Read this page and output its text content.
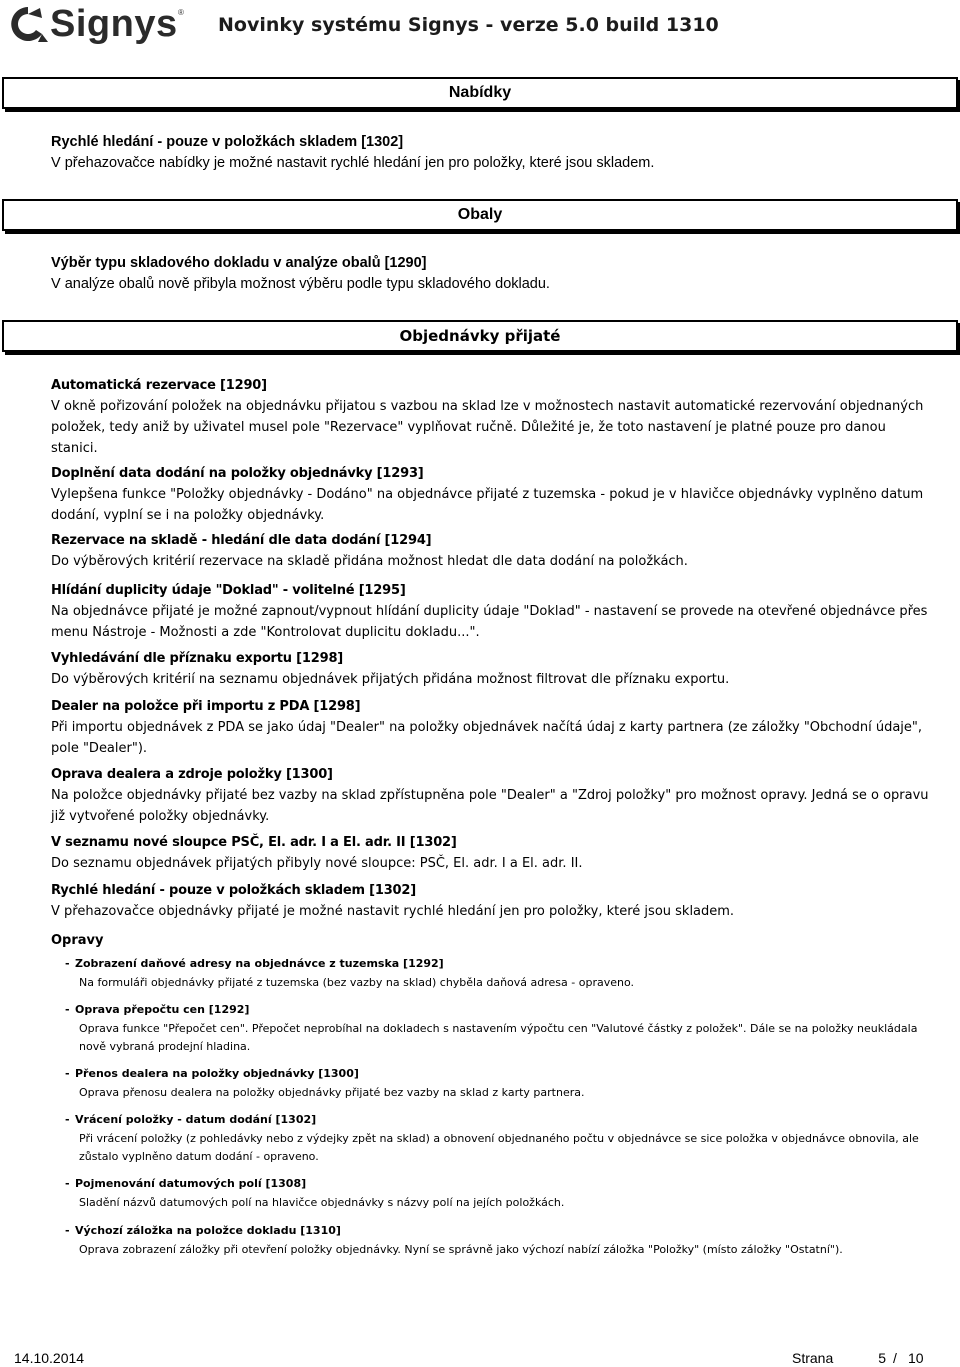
Signys ®
Novinky systému Signys - verze 5.0 build 1310
Nabídky
Rychlé hledání - pouze v položkách skladem [1302]
V přehazovačce nabídky je možné nastavit rychlé hledání jen pro položky, které jsou skladem.
Obaly
Výběr typu skladového dokladu v analýze obalů [1290]
V analýze obalů nově přibyla možnost výběru podle typu skladového dokladu.
Objednávky přijaté
Automatická rezervace [1290]
V okně pořizování položek na objednávku přijatou s vazbou na sklad lze v možnostech nastavit automatické rezervování objednaných položek, tedy aniž by uživatel musel pole "Rezervace" vyplňovat ručně. Důležité je, že toto nastavení je platné pouze pro danou stanici.
Doplnění data dodání na položky objednávky [1293]
Vylepšena funkce "Položky objednávky - Dodáno" na objednávce přijaté z tuzemska - pokud je v hlavičce objednávky vyplněno datum dodání, vyplní se i na položky objednávky.
Rezervace na skladě - hledání dle data dodání [1294]
Do výběrových kritérií rezervace na skladě přidána možnost hledat dle data dodání na položkách.
Hlídání duplicity údaje "Doklad" - volitelné [1295]
Na objednávce přijaté je možné zapnout/vypnout hlídání duplicity údaje "Doklad" - nastavení se provede na otevřené objednávce přes menu Nástroje - Možnosti a zde "Kontrolovat duplicitu dokladu...".
Vyhledávání dle příznaku exportu [1298]
Do výběrových kritérií na seznamu objednávek přijatých přidána možnost filtrovat dle příznaku exportu.
Dealer na položce při importu z PDA [1298]
Při importu objednávek z PDA se jako údaj "Dealer" na položky objednávek načítá údaj z karty partnera (ze záložky "Obchodní údaje", pole "Dealer").
Oprava dealera a zdroje položky [1300]
Na položce objednávky přijaté bez vazby na sklad zpřístupněna pole "Dealer" a "Zdroj položky" pro možnost opravy. Jedná se o opravu již vytvořené položky objednávky.
V seznamu nové sloupce PSČ, El. adr. I a El. adr. II [1302]
Do seznamu objednávek přijatých přibyly nové sloupce: PSČ, El. adr. I a El. adr. II.
Rychlé hledání - pouze v položkách skladem [1302]
V přehazovačce objednávky přijaté je možné nastavit rychlé hledání jen pro položky, které jsou skladem.
Opravy
- Zobrazení daňové adresy na objednávce z tuzemska [1292]
Na formuláři objednávky přijaté z tuzemska (bez vazby na sklad) chyběla daňová adresa - opraveno.
- Oprava přepočtu cen [1292]
Oprava funkce "Přepočet cen". Přepočet neprobíhal na dokladech s nastavením výpočtu cen "Valutové částky z položek". Dále se na položky neukládala nově vybraná prodejní hladina.
- Přenos dealera na položky objednávky [1300]
Oprava přenosu dealera na položky objednávky přijaté bez vazby na sklad z karty partnera.
- Vrácení položky - datum dodání [1302]
Při vrácení položky (z pohledávky nebo z výdejky zpět na sklad) a obnovení objednaného počtu v objednávce se sice položka v objednávce obnovila, ale zůstalo vyplněno datum dodání - opraveno.
- Pojmenování datumových polí [1308]
Sladění názvů datumových polí na hlavičce objednávky s názvy polí na jejích položkách.
- Výchozí záložka na položce dokladu [1310]
Oprava zobrazení záložky při otevření položky objednávky. Nyní se správně jako výchozí nabízí záložka "Položky" (místo záložky "Ostatní").
14.10.2014	Strana	5 / 10
